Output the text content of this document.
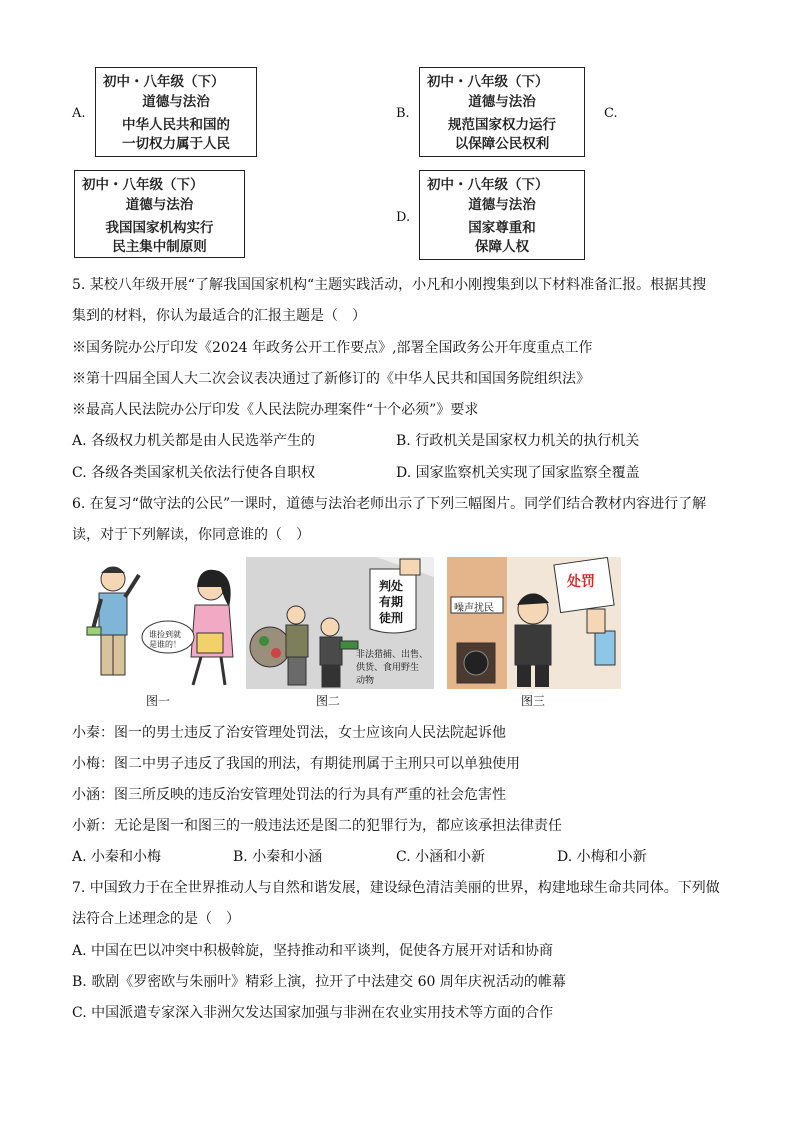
A.
初中・八年级（下）
道德与法治
中华人民共和国的
一切权力属于人民
B.
初中・八年级（下）
道德与法治
规范国家权力运行
以保障公民权利
C.
初中・八年级（下）
道德与法治
我国国家机构实行
民主集中制原则
D.
初中・八年级（下）
道德与法治
国家尊重和
保障人权
5. 某校八年级开展“了解我国国家机构“主题实践活动，小凡和小刚搜集到以下材料准备汇报。根据其搜
集到的材料，你认为最适合的汇报主题是（　）
※国务院办公厅印发《2024 年政务公开工作要点》,部署全国政务公开年度重点工作
※第十四届全国人大二次会议表决通过了新修订的《中华人民共和国国务院组织法》
※最高人民法院办公厅印发《人民法院办理案件“十个必须”》要求
A. 各级权力机关都是由人民选举产生的	B. 行政机关是国家权力机关的执行机关
C. 各级各类国家机关依法行使各自职权	D. 国家监察机关实现了国家监察全覆盖
6. 在复习“做守法的公民”一课时，道德与法治老师出示了下列三幅图片。同学们结合教材内容进行了解
读，对于下列解读，你同意谁的（　）
谁捡到就
是谁的！
图一
判处
有期
徒刑
非法猎捕、出售、
供货、食用野生
动物
图二
噪声扰民
处罚
图三
小秦：图一的男士违反了治安管理处罚法，女士应该向人民法院起诉他
小梅：图二中男子违反了我国的刑法，有期徒刑属于主刑只可以单独使用
小涵：图三所反映的违反治安管理处罚法的行为具有严重的社会危害性
小新：无论是图一和图三的一般违法还是图二的犯罪行为，都应该承担法律责任
A. 小秦和小梅	B. 小秦和小涵	C. 小涵和小新	D. 小梅和小新
7. 中国致力于在全世界推动人与自然和谐发展，建设绿色清洁美丽的世界，构建地球生命共同体。下列做
法符合上述理念的是（　）
A. 中国在巴以冲突中积极斡旋，坚持推动和平谈判，促使各方展开对话和协商
B. 歌剧《罗密欧与朱丽叶》精彩上演，拉开了中法建交 60 周年庆祝活动的帷幕
C. 中国派遣专家深入非洲欠发达国家加强与非洲在农业实用技术等方面的合作
